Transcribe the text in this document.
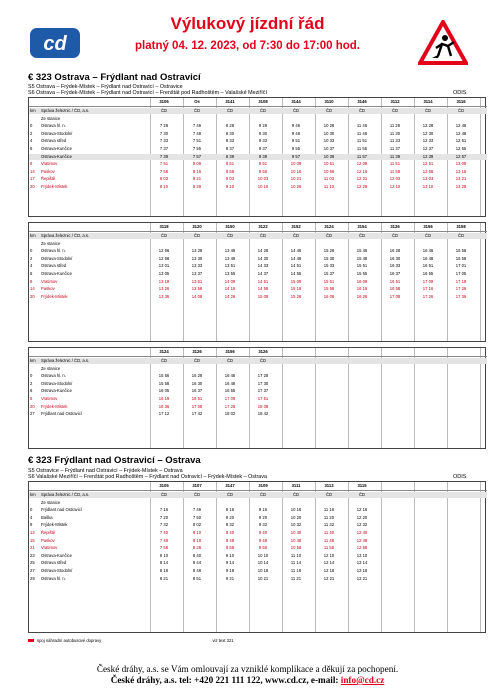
cd
Výlukový jízdní řád
platný 04. 12. 2023, od 7:30 do 17:00 hod.
€ 323 Ostrava – Frýdlant nad Ostravicí
S5 Ostrava – Frýdek-Místek – Frýdlant nad Ostravicí – Ostravice
S6 Ostrava – Frýdek-Místek – Frýdlant nad Ostravicí – Frenštát pod Radhoštěm – Valašské Meziříčí	ODIS
3106	Os	3141	3108	3144	3110	3146	3112	3114	3116
km	Správa železnic / ČD, a.s.	ČD	ČD	ČD	ČD	ČD	ČD	ČD	ČD	ČD	ČD
Ze stanice
0	Ostrava hl. n.	7 28	7 46	8 28	9 28	9 46	10 28	11 46	11 28	12 28	12 46
2	Ostrava-Stodolní	7 30	7 48	8 30	9 30	9 48	10 30	11 48	11 30	12 30	12 48
4	Ostrava střed	7 33	7 51	8 33	9 33	9 51	10 33	11 51	11 33	12 33	12 51
6	Ostrava-Kunčice	7 37	7 55	8 37	9 37	9 55	10 37	11 55	11 37	12 37	12 55
Ostrava-Kunčice	7 39	7 57	8 39	9 39	9 57	10 39	11 57	11 39	12 39	12 57
8	Vratimov	7 51	8 09	8 51	9 51	10 09	10 51	12 09	11 51	12 51	13 09
14	Paskov	7 58	8 16	8 58	9 58	10 16	10 58	12 16	11 58	12 58	13 16
17	Řepiště	8 03	8 21	9 03	10 03	10 21	11 03	12 21	12 03	13 03	13 21
20	Frýdek-Místek	8 10	8 28	9 10	10 10	10 28	11 10	12 28	12 10	13 10	13 28
3118	3120	3150	3122	3152	3124	3154	3126	3156	3158
km	Správa železnic / ČD, a.s.	ČD	ČD	ČD	ČD	ČD	ČD	ČD	ČD	ČD	ČD
Ze stanice
0	Ostrava hl. n.	12 56	13 28	13 46	14 28	14 46	15 28	15 46	16 28	16 46	16 56
2	Ostrava-Stodolní	12 58	13 30	13 48	14 30	14 48	15 30	15 48	16 30	16 48	16 58
4	Ostrava střed	13 01	13 33	13 51	14 33	14 51	15 33	15 51	16 33	16 51	17 01
6	Ostrava-Kunčice	13 05	13 37	13 55	14 37	14 55	15 37	15 55	16 37	16 55	17 05
8	Vratimov	13 19	13 51	14 09	14 51	15 09	15 51	16 09	16 51	17 09	17 19
14	Paskov	13 26	13 58	14 16	14 58	15 16	15 58	16 16	16 58	17 16	17 26
20	Frýdek-Místek	13 36	14 08	14 26	15 08	15 26	16 08	16 26	17 08	17 26	17 36
3124	3126	3156	3126
km	Správa železnic / ČD, a.s.	ČD	ČD	ČD	ČD
Ze stanice
0	Ostrava hl. n.	15 56	16 28	16 46	17 28
2	Ostrava-Stodolní	15 58	16 30	16 48	17 30
6	Ostrava-Kunčice	16 05	16 37	16 55	17 37
8	Vratimov	16 19	16 51	17 09	17 51
20	Frýdek-Místek	16 36	17 08	17 26	18 08
27	Frýdlant nad Ostravicí	17 12	17 42	18 02	18 42
€ 323 Frýdlant nad Ostravicí – Ostrava
S5 Ostravice – Frýdlant nad Ostravicí – Frýdek-Místek – Ostrava
S6 Valašské Meziříčí – Frenštát pod Radhoštěm – Frýdlant nad Ostravicí – Frýdek-Místek – Ostrava	ODIS
3105	3107	3147	3109	3111	3113	3115
km	Správa železnic / ČD, a.s.	ČD	ČD	ČD	ČD	ČD	ČD	ČD
Ze stanice
0	Frýdlant nad Ostravicí	7 16	7 46	8 16	9 16	10 16	11 16	12 16
4	Baška	7 20	7 50	8 20	9 20	10 20	11 20	12 20
9	Frýdek-Místek	7 32	8 02	8 32	9 32	10 32	11 32	12 32
12	Řepiště	7 40	8 10	8 40	9 40	10 40	11 40	12 40
15	Paskov	7 48	8 18	8 48	9 48	10 48	11 48	12 48
21	Vratimov	7 58	8 28	8 58	9 58	10 58	11 58	12 58
23	Ostrava-Kunčice	8 10	8 40	9 10	10 10	11 10	12 10	13 10
25	Ostrava střed	8 14	8 44	9 14	10 14	11 14	12 14	13 14
27	Ostrava-Stodolní	8 18	8 48	9 18	10 18	11 18	12 18	13 18
29	Ostrava hl. n.	8 21	8 51	9 21	10 21	11 21	12 21	13 21
spoj náhradní autobusové dopravy	viz text 321
České dráhy, a.s. se Vám omlouvají za vzniklé komplikace a děkují za pochopení.
České dráhy, a.s. tel: +420 221 111 122, www.cd.cz, e-mail: info@cd.cz
